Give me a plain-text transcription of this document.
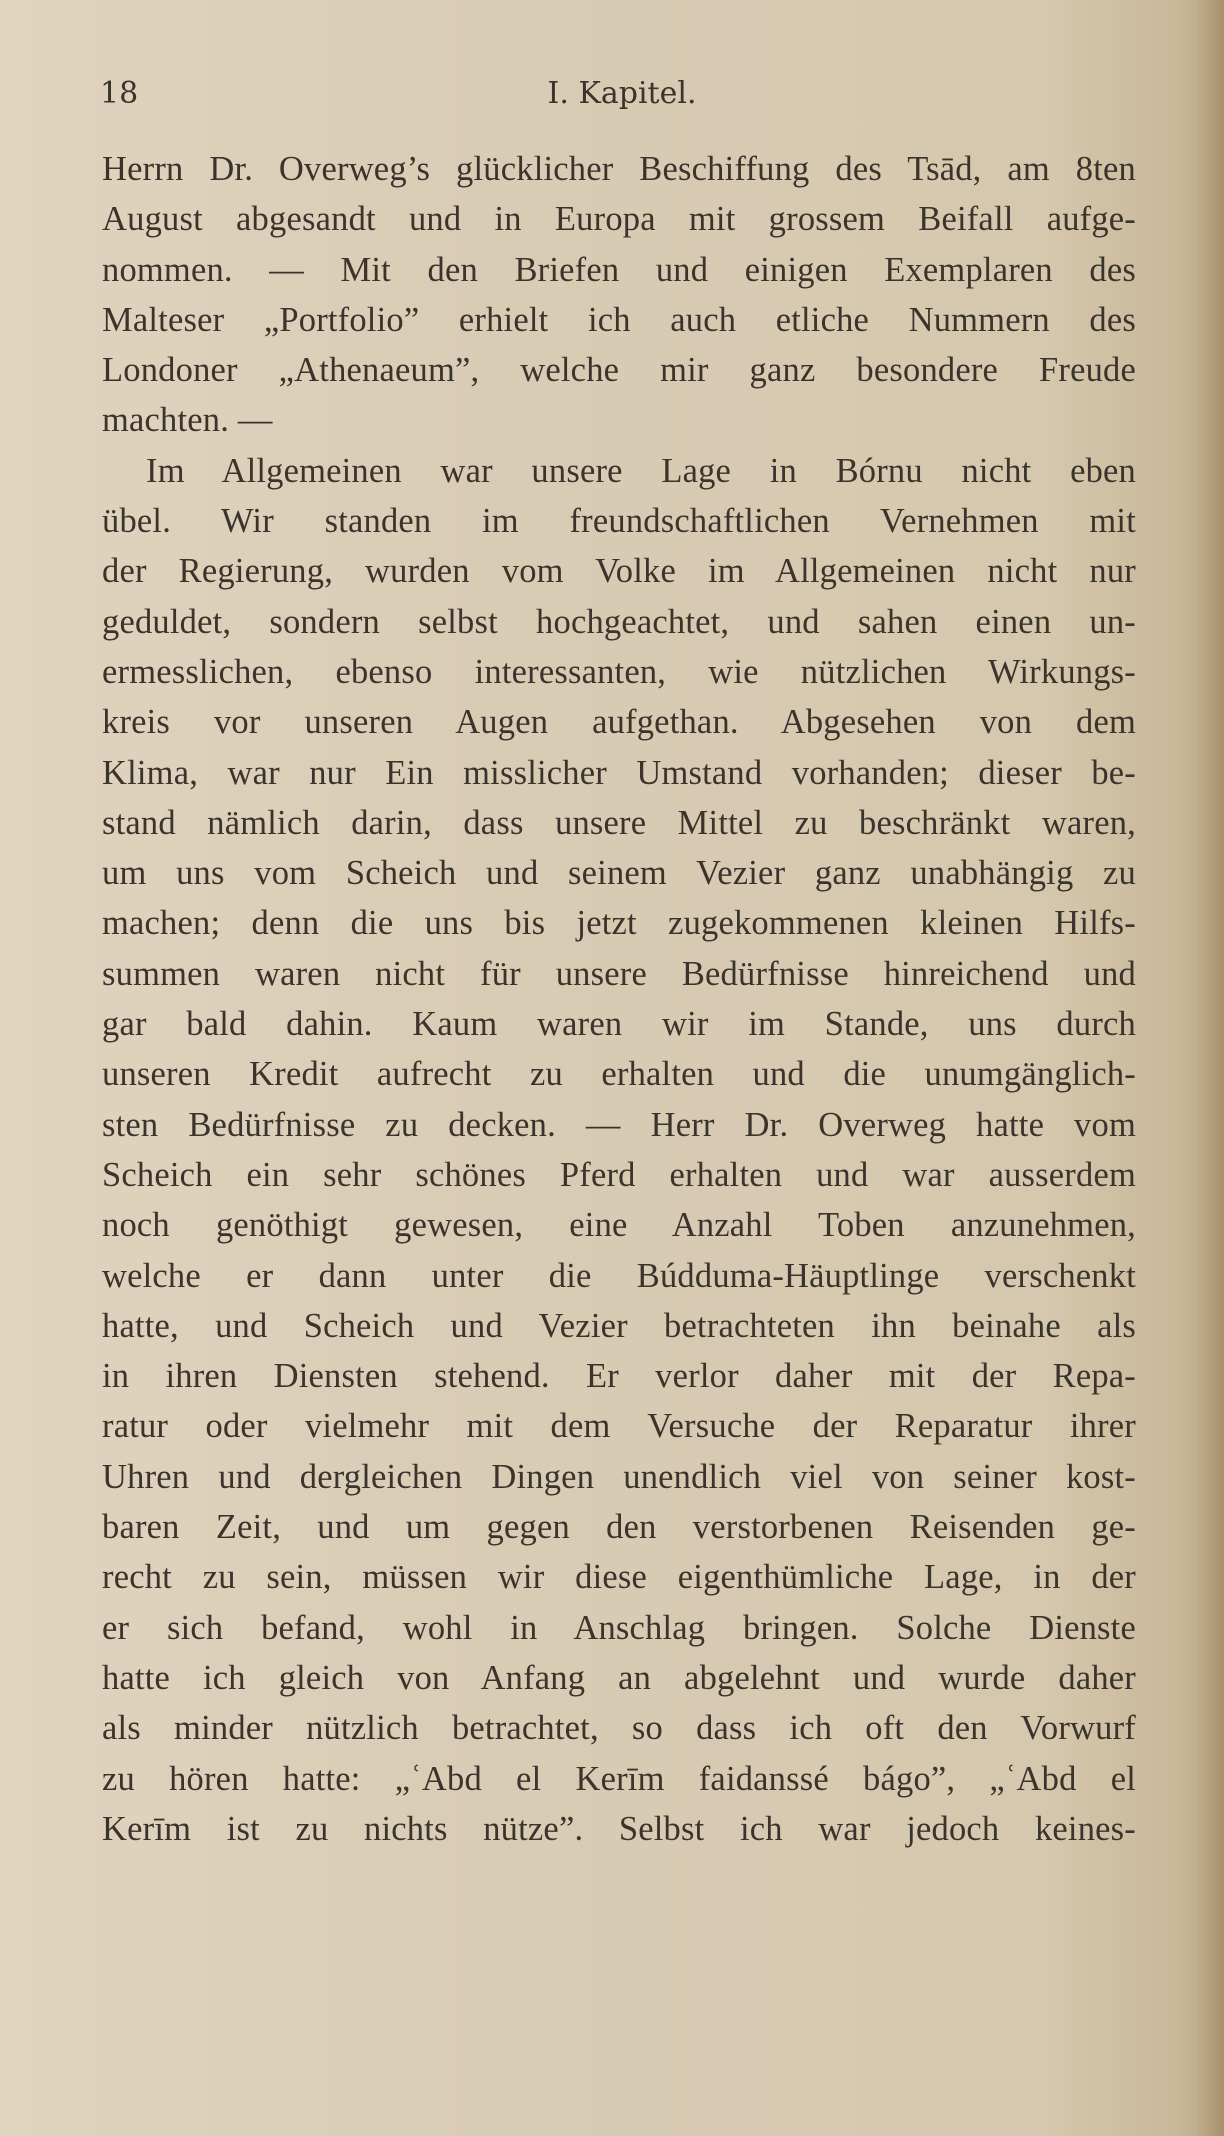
18	I. Kapitel.
Herrn Dr. Overweg’s glücklicher Beschiffung des Tsād, am 8ten
August abgesandt und in Europa mit grossem Beifall aufge-
nommen. — Mit den Briefen und einigen Exemplaren des
Malteser „Portfolio” erhielt ich auch etliche Nummern des
Londoner „Athenaeum”, welche mir ganz besondere Freude
machten. —
Im Allgemeinen war unsere Lage in Bórnu nicht eben
übel. Wir standen im freundschaftlichen Vernehmen mit
der Regierung, wurden vom Volke im Allgemeinen nicht nur
geduldet, sondern selbst hochgeachtet, und sahen einen un-
ermesslichen, ebenso interessanten, wie nützlichen Wirkungs-
kreis vor unseren Augen aufgethan. Abgesehen von dem
Klima, war nur Ein misslicher Umstand vorhanden; dieser be-
stand nämlich darin, dass unsere Mittel zu beschränkt waren,
um uns vom Scheich und seinem Vezier ganz unabhängig zu
machen; denn die uns bis jetzt zugekommenen kleinen Hilfs-
summen waren nicht für unsere Bedürfnisse hinreichend und
gar bald dahin. Kaum waren wir im Stande, uns durch
unseren Kredit aufrecht zu erhalten und die unumgänglich-
sten Bedürfnisse zu decken. — Herr Dr. Overweg hatte vom
Scheich ein sehr schönes Pferd erhalten und war ausserdem
noch genöthigt gewesen, eine Anzahl Toben anzunehmen,
welche er dann unter die Búdduma-Häuptlinge verschenkt
hatte, und Scheich und Vezier betrachteten ihn beinahe als
in ihren Diensten stehend. Er verlor daher mit der Repa-
ratur oder vielmehr mit dem Versuche der Reparatur ihrer
Uhren und dergleichen Dingen unendlich viel von seiner kost-
baren Zeit, und um gegen den verstorbenen Reisenden ge-
recht zu sein, müssen wir diese eigenthümliche Lage, in der
er sich befand, wohl in Anschlag bringen. Solche Dienste
hatte ich gleich von Anfang an abgelehnt und wurde daher
als minder nützlich betrachtet, so dass ich oft den Vorwurf
zu hören hatte: „ʿAbd el Kerīm faidanssé bágo”, „ʿAbd el
Kerīm ist zu nichts nütze”. Selbst ich war jedoch keines-
